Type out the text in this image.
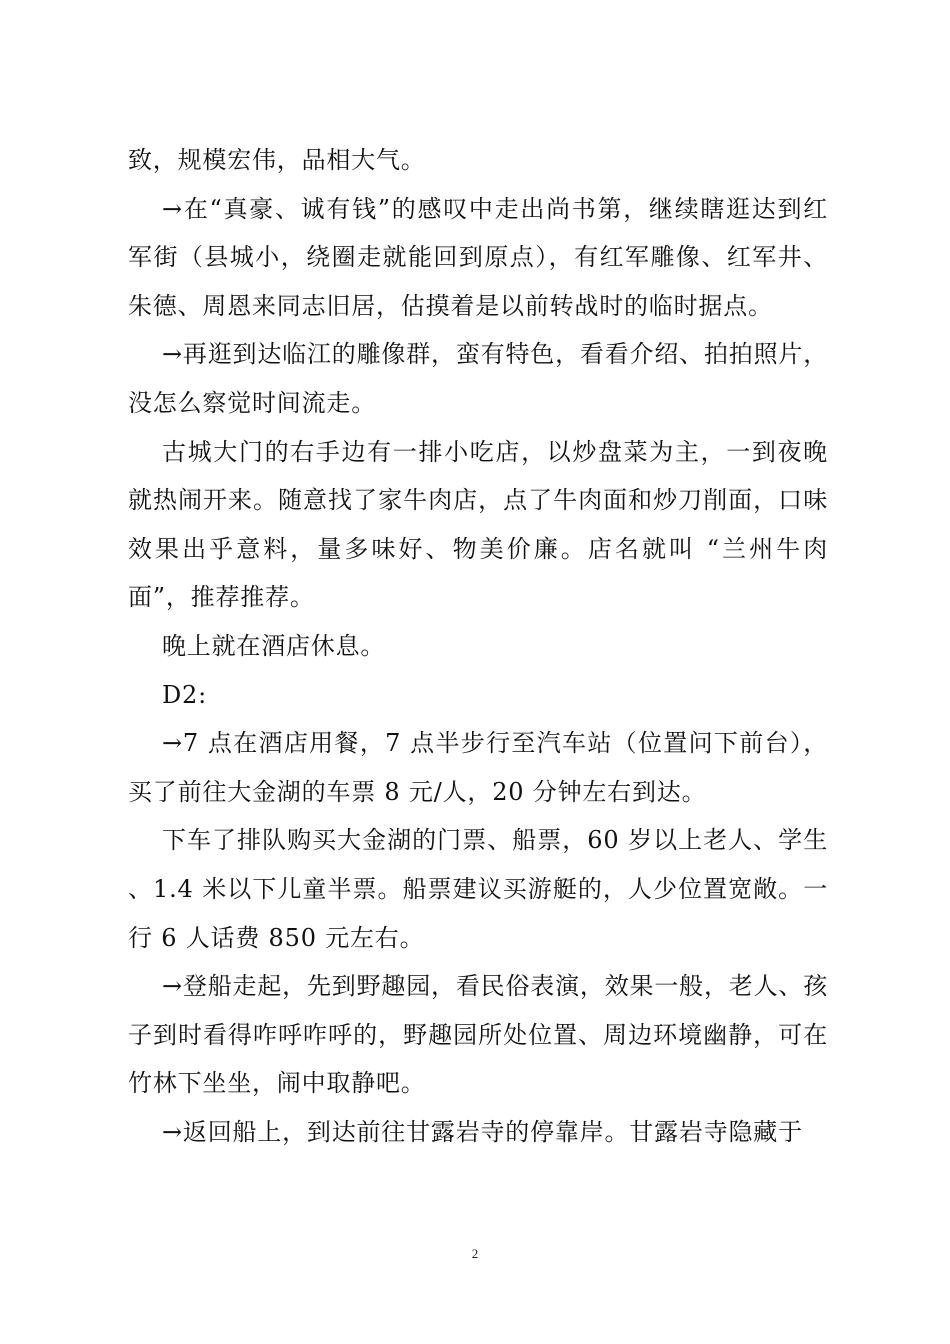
致，规模宏伟，品相大气。

→在“真豪、诚有钱”的感叹中走出尚书第，继续瞎逛达到红军街（县城小，绕圈走就能回到原点），有红军雕像、红军井、朱德、周恩来同志旧居，估摸着是以前转战时的临时据点。

→再逛到达临江的雕像群，蛮有特色，看看介绍、拍拍照片，没怎么察觉时间流走。

古城大门的右手边有一排小吃店，以炒盘菜为主，一到夜晚就热闹开来。随意找了家牛肉店，点了牛肉面和炒刀削面，口味效果出乎意料，量多味好、物美价廉。店名就叫 “兰州牛肉面”，推荐推荐。

晚上就在酒店休息。

D2:

→7 点在酒店用餐，7 点半步行至汽车站（位置问下前台），买了前往大金湖的车票 8 元/人，20 分钟左右到达。

下车了排队购买大金湖的门票、船票，60 岁以上老人、学生 、1.4 米以下儿童半票。船票建议买游艇的，人少位置宽敞。一行 6 人话费 850 元左右。

→登船走起，先到野趣园，看民俗表演，效果一般，老人、孩子到时看得咋呼咋呼的，野趣园所处位置、周边环境幽静，可在竹林下坐坐，闹中取静吧。

→返回船上，到达前往甘露岩寺的停靠岸。甘露岩寺隐藏于

2
